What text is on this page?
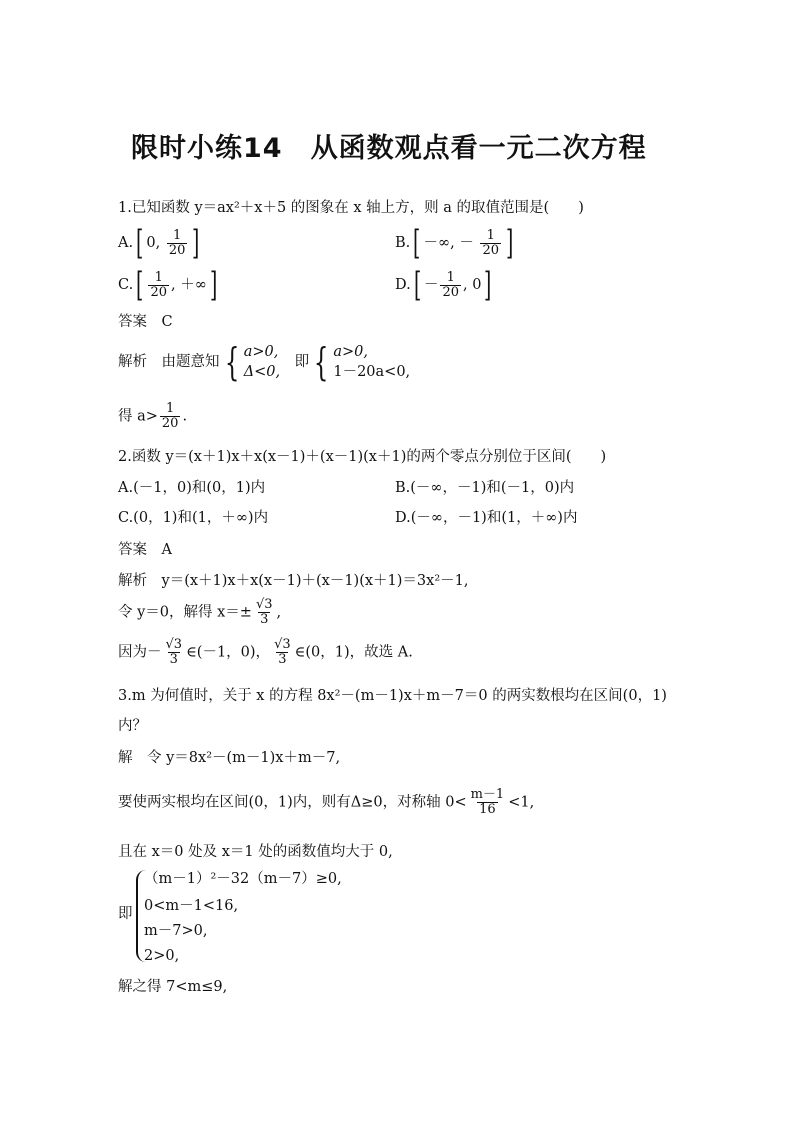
限时小练14　从函数观点看一元二次方程
1.已知函数 y＝ax²＋x＋5 的图象在 x 轴上方，则 a 的取值范围是(　　)
A.[ 0, $\frac{1}{20}$ ]	B.[ －∞, － $\frac{1}{20}$ ]
$C.[ \frac{1}{20}$ , ＋∞]	$D.[ - \frac{1}{20}$ , 0]
答案　 C
解析　 由题意知 { a>0,
Δ<0,
　即 { a>0,
1－20a<0,
得 $a> \frac{1}{20}$ .
2.函数 y＝(x＋1)x＋x(x－1)＋(x－1)(x＋1)的两个零点分别位于区间(　　)
A.(－1，0)和(0，1)内	B.(－∞，－1)和(－1，0)内
C.(0，1)和(1，＋∞)内	D.(－∞，－1)和(1，＋∞)内
答案　 A
解析　 y＝(x＋1)x＋x(x－1)＋(x－1)(x＋1)＝3x²－1,
令 y＝0，解得 $x=\pm \frac{√3}{3}$ ,
因为－ $\frac{√3}{3}$ ∈(－1，0)， $\frac{√3}{3}$ ∈(0，1)，故选 A.
3.m 为何值时，关于 x 的方程 8x²－(m－1)x＋m－7＝0 的两实数根均在区间(0，1)
内？
解　 令 y＝8x²－(m－1)x＋m－7,
要使两实根均在区间(0，1)内，则有Δ≥0，对称轴 $0< \frac{m-1}{16} <1$,
且在 x＝0 处及 x＝1 处的函数值均大于 0,
即
（m－1）²－32（m－7）≥0,
0<m－1<16,
m－7>0,
2>0,
解之得 7<m≤9,
